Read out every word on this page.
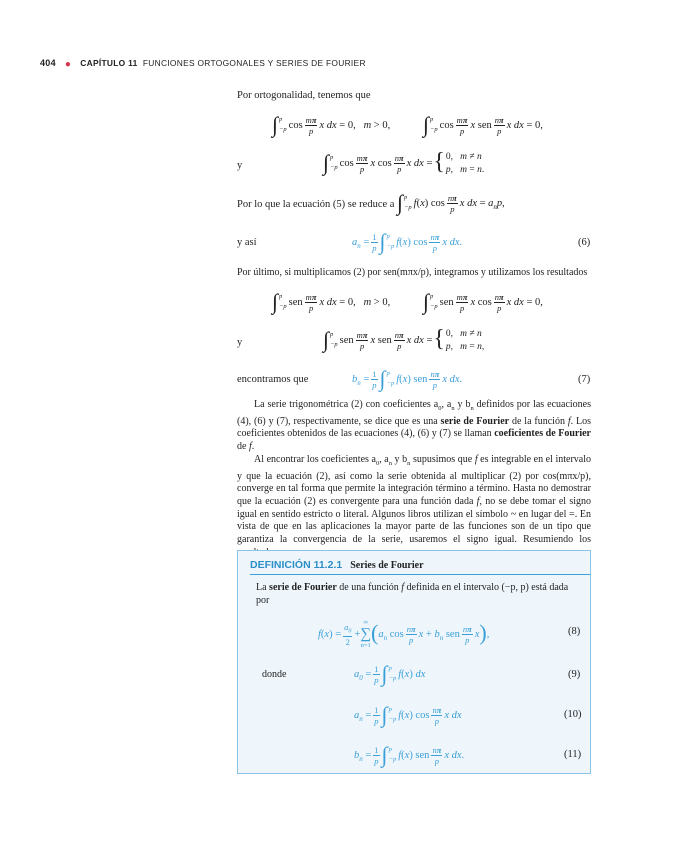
404 ● CAPÍTULO 11 FUNCIONES ORTOGONALES Y SERIES DE FOURIER
Por ortogonalidad, tenemos que
∫ p
−p $\cos \frac{m\pi}{p}$ x dx = 0,   m > 0, ∫ p
−p $\cos \frac{m\pi}{p}$ x sen $\frac{n\pi}{p}$ x dx = 0,
y	∫ p
−p $\cos \frac{m\pi}{p}$ x $\cos \frac{n\pi}{p}$ x dx ={ 0,   m ≠ n
p,   m = n.
Por lo que la ecuación (5) se reduce a ∫ p
−p f(x) $\cos \frac{n\pi}{p}$ x dx = $a_np$,
y así	$a_n = \frac{1}{p}$ ∫ p
−p f(x) $\cos \frac{n\pi}{p}$ x dx.	(6)
Por último, si multiplicamos (2) por sen(mπx/p), integramos y utilizamos los resultados
∫ p
−p sen $\frac{m\pi}{p}$ x dx = 0,   m > 0, ∫ p
−p sen $\frac{m\pi}{p}$ x $\cos \frac{n\pi}{p}$ x dx = 0,
y	∫ p
−p sen $\frac{m\pi}{p}$ x sen $\frac{n\pi}{p}$ x dx ={ 0,   m ≠ n
p,   m = n,
encontramos que	$b_n = \frac{1}{p}$ ∫ p
−p f(x) sen $\frac{n\pi}{p}$ x dx.	(7)

La serie trigonométrica (2) con coeficientes $a_0$, $a_n$ y $b_n$ definidos por las ecuaciones (4), (6) y (7), respectivamente, se dice que es una serie de Fourier de la función f. Los coeficientes obtenidos de las ecuaciones (4), (6) y (7) se llaman coeficientes de Fourier de f.

Al encontrar los coeficientes $a_0$, $a_n$ y $b_n$ supusimos que f es integrable en el intervalo y que la ecuación (2), así como la serie obtenida al multiplicar (2) por cos(mπx/p), converge en tal forma que permite la integración término a término. Hasta no demostrar que la ecuación (2) es convergente para una función dada f, no se debe tomar el signo igual en sentido estricto o literal. Algunos libros utilizan el símbolo ~ en lugar del =. En vista de que en las aplicaciones la mayor parte de las funciones son de un tipo que garantiza la convergencia de la serie, usaremos el signo igual. Resumiendo los

DEFINICIÓN 11.2.1 Series de Fourier
La serie de Fourier de una función f definida en el intervalo (−p, p) está dada por
$f(x) = \frac{a_0}{2}$ +
∞
∑
n=1
($a_n$ $\cos \frac{n\pi}{p}$ $x + b_n$ sen $\frac{n\pi}{p} x$),	(8)
donde	$a_0 = \frac{1}{p}$ ∫ p
−p f(x) dx	(9)
$a_n = \frac{1}{p}$ ∫ p
−p f(x) $\cos \frac{n\pi}{p}$ x dx	(10)
$b_n = \frac{1}{p}$ ∫ p
−p f(x) sen $\frac{n\pi}{p}$ x dx.	(11)
